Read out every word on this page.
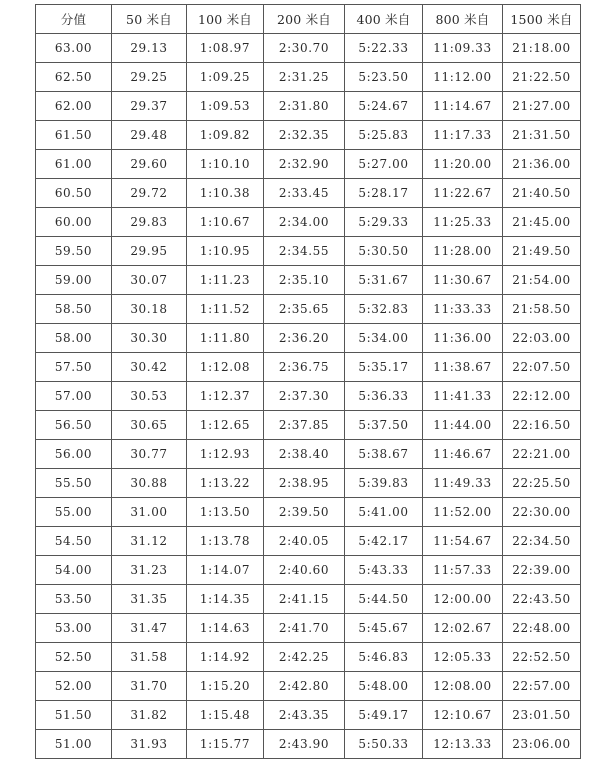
分值	50 米自	100 米自	200 米自	400 米自	800 米自	1500 米自
63.00	29.13	1:08.97	2:30.70	5:22.33	11:09.33	21:18.00
62.50	29.25	1:09.25	2:31.25	5:23.50	11:12.00	21:22.50
62.00	29.37	1:09.53	2:31.80	5:24.67	11:14.67	21:27.00
61.50	29.48	1:09.82	2:32.35	5:25.83	11:17.33	21:31.50
61.00	29.60	1:10.10	2:32.90	5:27.00	11:20.00	21:36.00
60.50	29.72	1:10.38	2:33.45	5:28.17	11:22.67	21:40.50
60.00	29.83	1:10.67	2:34.00	5:29.33	11:25.33	21:45.00
59.50	29.95	1:10.95	2:34.55	5:30.50	11:28.00	21:49.50
59.00	30.07	1:11.23	2:35.10	5:31.67	11:30.67	21:54.00
58.50	30.18	1:11.52	2:35.65	5:32.83	11:33.33	21:58.50
58.00	30.30	1:11.80	2:36.20	5:34.00	11:36.00	22:03.00
57.50	30.42	1:12.08	2:36.75	5:35.17	11:38.67	22:07.50
57.00	30.53	1:12.37	2:37.30	5:36.33	11:41.33	22:12.00
56.50	30.65	1:12.65	2:37.85	5:37.50	11:44.00	22:16.50
56.00	30.77	1:12.93	2:38.40	5:38.67	11:46.67	22:21.00
55.50	30.88	1:13.22	2:38.95	5:39.83	11:49.33	22:25.50
55.00	31.00	1:13.50	2:39.50	5:41.00	11:52.00	22:30.00
54.50	31.12	1:13.78	2:40.05	5:42.17	11:54.67	22:34.50
54.00	31.23	1:14.07	2:40.60	5:43.33	11:57.33	22:39.00
53.50	31.35	1:14.35	2:41.15	5:44.50	12:00.00	22:43.50
53.00	31.47	1:14.63	2:41.70	5:45.67	12:02.67	22:48.00
52.50	31.58	1:14.92	2:42.25	5:46.83	12:05.33	22:52.50
52.00	31.70	1:15.20	2:42.80	5:48.00	12:08.00	22:57.00
51.50	31.82	1:15.48	2:43.35	5:49.17	12:10.67	23:01.50
51.00	31.93	1:15.77	2:43.90	5:50.33	12:13.33	23:06.00
